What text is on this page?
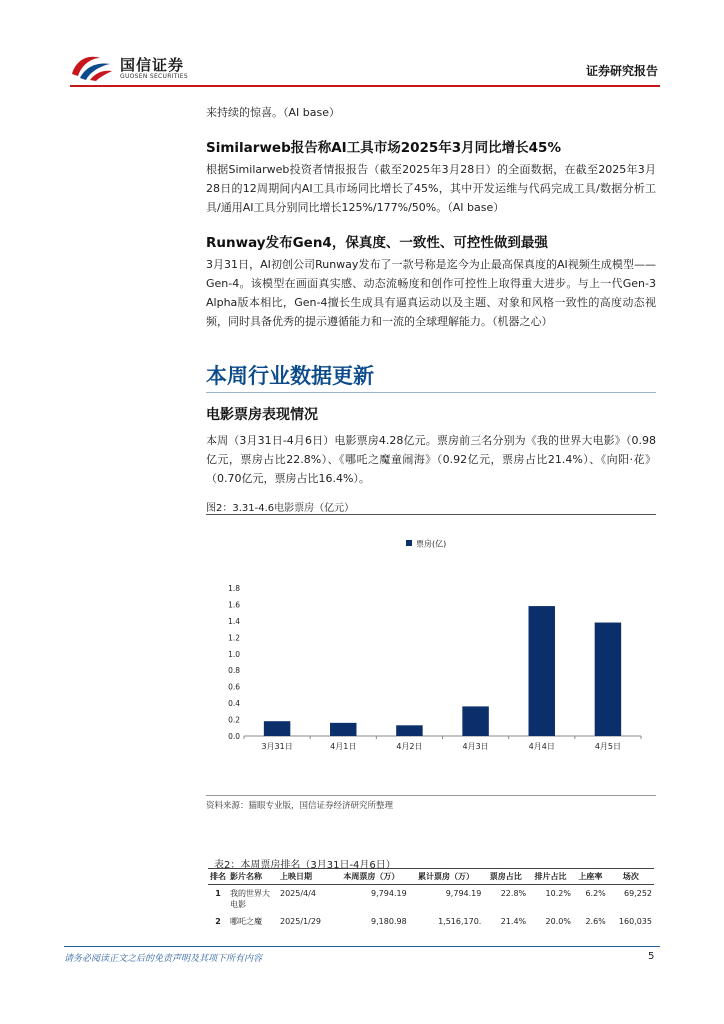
国信证券
GUOSEN SECURITIES	证券研究报告
来持续的惊喜。（AI base）
Similarweb报告称AI工具市场2025年3月同比增长45%
根据Similarweb投资者情报报告（截至2025年3月28日）的全面数据，在截至2025年3月28日的12周期间内AI工具市场同比增长了45%，其中开发运维与代码完成工具/数据分析工具/通用AI工具分别同比增长125%/177%/50%。（AI base）
Runway发布Gen4，保真度、一致性、可控性做到最强
3月31日，AI初创公司Runway发布了一款号称是迄今为止最高保真度的AI视频生成模型——Gen-4。该模型在画面真实感、动态流畅度和创作可控性上取得重大进步。与上一代Gen-3 Alpha版本相比，Gen-4擅长生成具有逼真运动以及主题、对象和风格一致性的高度动态视频，同时具备优秀的提示遵循能力和一流的全球理解能力。（机器之心）
本周行业数据更新
电影票房表现情况
本周（3月31日-4月6日）电影票房4.28亿元。票房前三名分别为《我的世界大电影》（0.98亿元，票房占比22.8%）、《哪吒之魔童闹海》（0.92亿元，票房占比21.4%）、《向阳·花》（0.70亿元，票房占比16.4%）。
图2：3.31-4.6电影票房（亿元）
票房(亿)
0.0
0.2
0.4
0.6
0.8
1.0
1.2
1.4
1.6
1.8
3月31日	4月1日	4月2日	4月3日	4月4日	4月5日
资料来源：猫眼专业版，国信证券经济研究所整理
表2：本周票房排名（3月31日-4月6日）
排名	影片名称	上映日期	本周票房（万）	累计票房（万）	票房占比	排片占比	上座率	场次
1	我的世界大电影	2025/4/4	9,794.19	9,794.19	22.8%	10.2%	6.2%	69,252
2	哪吒之魔	2025/1/29	9,180.98	1,516,170.	21.4%	20.0%	2.6%	160,035
请务必阅读正文之后的免责声明及其项下所有内容	5
